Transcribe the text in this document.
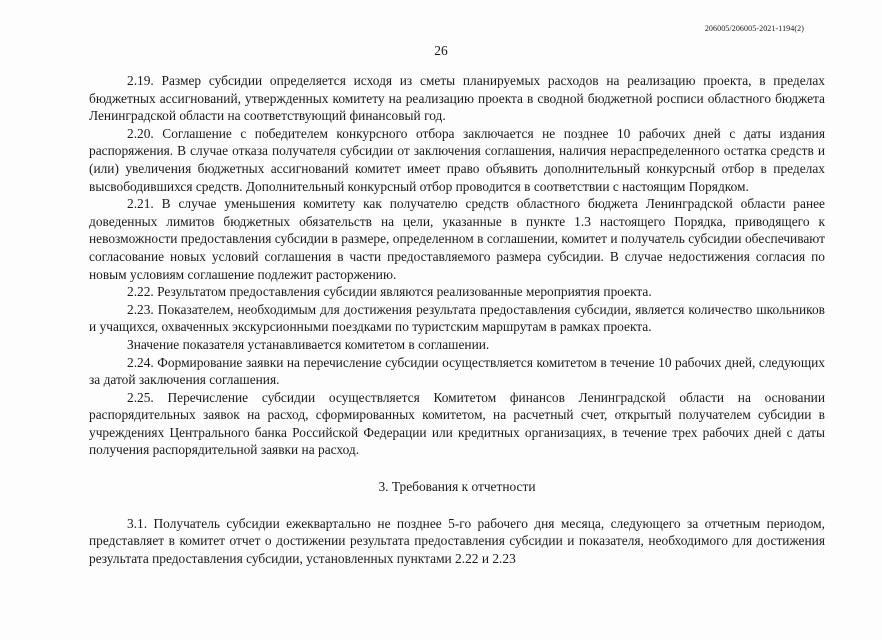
206005/206005-2021-1194(2)
26

2.19. Размер субсидии определяется исходя из сметы планируемых расходов на реализацию проекта, в пределах бюджетных ассигнований, утвержденных комитету на реализацию проекта в сводной бюджетной росписи областного бюджета Ленинградской области на соответствующий финансовый год.

2.20. Соглашение с победителем конкурсного отбора заключается не позднее 10 рабочих дней с даты издания распоряжения. В случае отказа получателя субсидии от заключения соглашения, наличия нераспределенного остатка средств и (или) увеличения бюджетных ассигнований комитет имеет право объявить дополнительный конкурсный отбор в пределах высвободившихся средств. Дополнительный конкурсный отбор проводится в соответствии с настоящим Порядком.

2.21. В случае уменьшения комитету как получателю средств областного бюджета Ленинградской области ранее доведенных лимитов бюджетных обязательств на цели, указанные в пункте 1.3 настоящего Порядка, приводящего к невозможности предоставления субсидии в размере, определенном в соглашении, комитет и получатель субсидии обеспечивают согласование новых условий соглашения в части предоставляемого размера субсидии. В случае недостижения согласия по новым условиям соглашение подлежит расторжению.

2.22. Результатом предоставления субсидии являются реализованные мероприятия проекта.

2.23. Показателем, необходимым для достижения результата предоставления субсидии, является количество школьников и учащихся, охваченных экскурсионными поездками по туристским маршрутам в рамках проекта.

Значение показателя устанавливается комитетом в соглашении.

2.24. Формирование заявки на перечисление субсидии осуществляется комитетом в течение 10 рабочих дней, следующих за датой заключения соглашения.

2.25. Перечисление субсидии осуществляется Комитетом финансов Ленинградской области на основании распорядительных заявок на расход, сформированных комитетом, на расчетный счет, открытый получателем субсидии в учреждениях Центрального банка Российской Федерации или кредитных организациях, в течение трех рабочих дней с даты получения распорядительной заявки на расход.

3. Требования к отчетности

3.1. Получатель субсидии ежеквартально не позднее 5-го рабочего дня месяца, следующего за отчетным периодом, представляет в комитет отчет о достижении результата предоставления субсидии и показателя, необходимого для достижения результата предоставления субсидии, установленных пунктами 2.22 и 2.23
